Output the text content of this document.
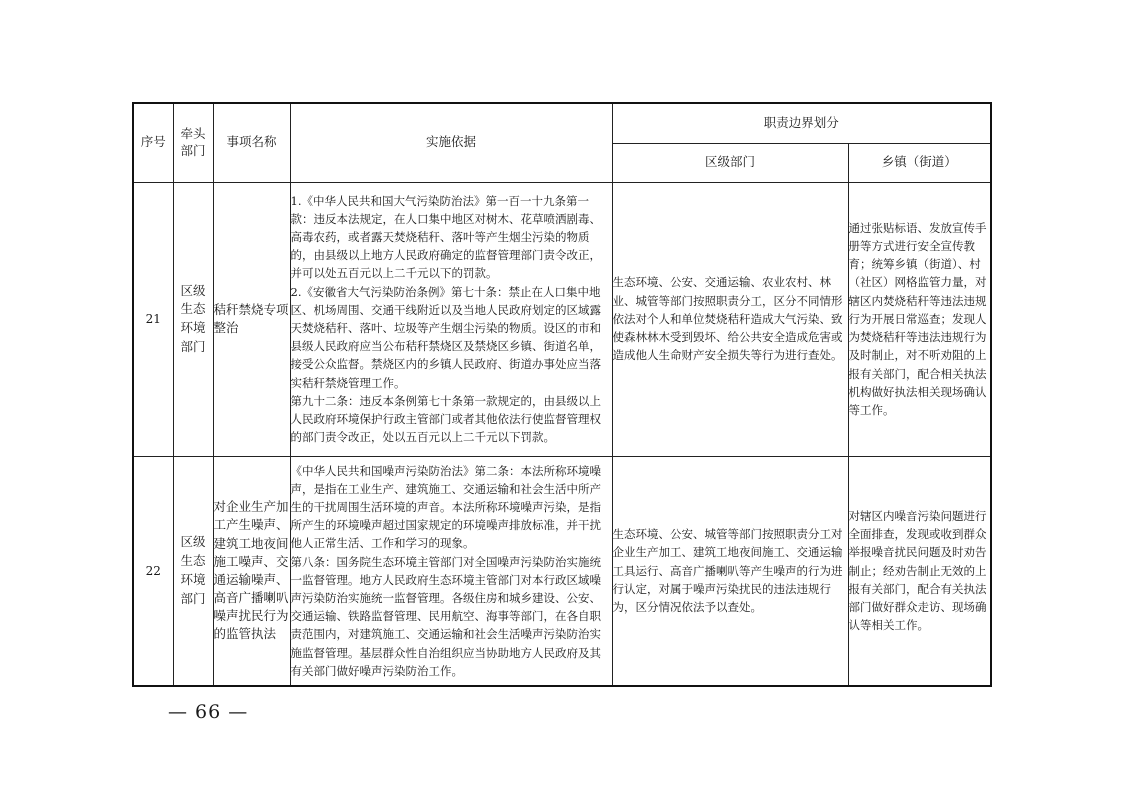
序号	牵头部门	事项名称	实施依据	职责边界划分	
				区级部门	乡镇（街道）
21	区级生态环境部门	秸秆禁烧专项整治	1.《中华人民共和国大气污染防治法》第一百一十九条第一款：违反本法规定，在人口集中地区对树木、花草喷洒剧毒、高毒农药，或者露天焚烧秸秆、落叶等产生烟尘污染的物质的，由县级以上地方人民政府确定的监督管理部门责令改正，并可以处五百元以上二千元以下的罚款。

2.《安徽省大气污染防治条例》第七十条：禁止在人口集中地区、机场周围、交通干线附近以及当地人民政府划定的区域露天焚烧秸秆、落叶、垃圾等产生烟尘污染的物质。设区的市和县级人民政府应当公布秸秆禁烧区及禁烧区乡镇、街道名单，接受公众监督。禁烧区内的乡镇人民政府、街道办事处应当落实秸秆禁烧管理工作。

第九十二条：违反本条例第七十条第一款规定的，由县级以上人民政府环境保护行政主管部门或者其他依法行使监督管理权的部门责令改正，处以五百元以上二千元以下罚款。	生态环境、公安、交通运输、农业农村、林业、城管等部门按照职责分工，区分不同情形依法对个人和单位焚烧秸秆造成大气污染、致使森林林木受到毁坏、给公共安全造成危害或造成他人生命财产安全损失等行为进行查处。	通过张贴标语、发放宣传手册等方式进行安全宣传教育；统筹乡镇（街道）、村（社区）网格监管力量，对辖区内焚烧秸秆等违法违规行为开展日常巡查；发现人为焚烧秸秆等违法违规行为及时制止，对不听劝阻的上报有关部门，配合相关执法机构做好执法相关现场确认等工作。

22	区级生态环境部门	对企业生产加工产生噪声、建筑工地夜间施工噪声、交通运输噪声、高音广播喇叭噪声扰民行为的监管执法	《中华人民共和国噪声污染防治法》第二条：本法所称环境噪声，是指在工业生产、建筑施工、交通运输和社会生活中所产生的干扰周围生活环境的声音。本法所称环境噪声污染，是指所产生的环境噪声超过国家规定的环境噪声排放标准，并干扰他人正常生活、工作和学习的现象。

第八条：国务院生态环境主管部门对全国噪声污染防治实施统一监督管理。地方人民政府生态环境主管部门对本行政区域噪声污染防治实施统一监督管理。各级住房和城乡建设、公安、交通运输、铁路监督管理、民用航空、海事等部门，在各自职责范围内，对建筑施工、交通运输和社会生活噪声污染防治实施监督管理。基层群众性自治组织应当协助地方人民政府及其有关部门做好噪声污染防治工作。	生态环境、公安、城管等部门按照职责分工对企业生产加工、建筑工地夜间施工、交通运输工具运行、高音广播喇叭等产生噪声的行为进行认定，对属于噪声污染扰民的违法违规行为，区分情况依法予以查处。	对辖区内噪音污染问题进行全面排查，发现或收到群众举报噪音扰民问题及时劝告制止；经劝告制止无效的上报有关部门，配合有关执法部门做好群众走访、现场确认等相关工作。

— 66 —
